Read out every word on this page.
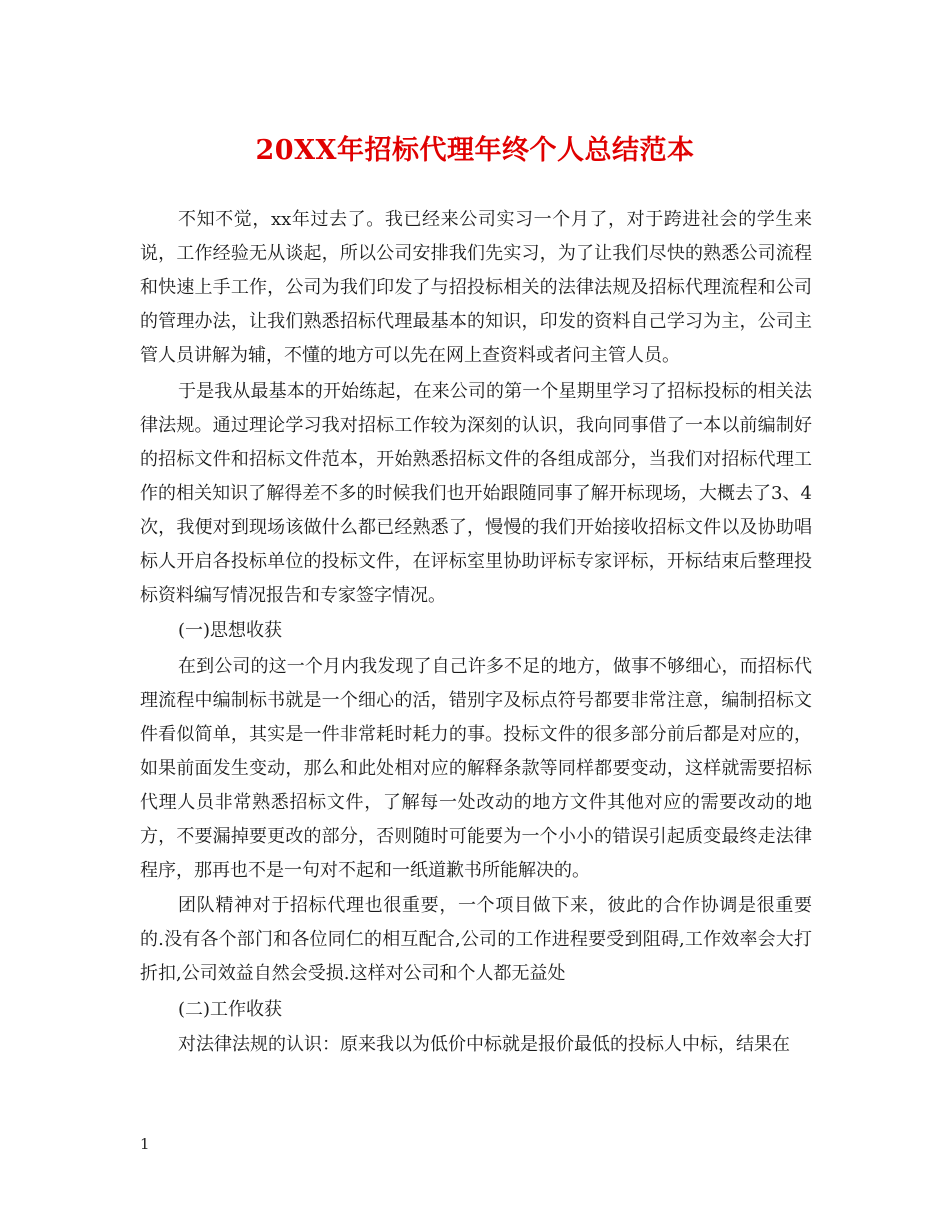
20XX年招标代理年终个人总结范本

不知不觉，xx年过去了。我已经来公司实习一个月了，对于跨进社会的学生来说，工作经验无从谈起，所以公司安排我们先实习，为了让我们尽快的熟悉公司流程和快速上手工作，公司为我们印发了与招投标相关的法律法规及招标代理流程和公司的管理办法，让我们熟悉招标代理最基本的知识，印发的资料自己学习为主，公司主管人员讲解为辅，不懂的地方可以先在网上查资料或者问主管人员。

于是我从最基本的开始练起，在来公司的第一个星期里学习了招标投标的相关法律法规。通过理论学习我对招标工作较为深刻的认识，我向同事借了一本以前编制好的招标文件和招标文件范本，开始熟悉招标文件的各组成部分，当我们对招标代理工作的相关知识了解得差不多的时候我们也开始跟随同事了解开标现场，大概去了3、4次，我便对到现场该做什么都已经熟悉了，慢慢的我们开始接收招标文件以及协助唱标人开启各投标单位的投标文件，在评标室里协助评标专家评标，开标结束后整理投标资料编写情况报告和专家签字情况。

(一)思想收获

在到公司的这一个月内我发现了自己许多不足的地方，做事不够细心，而招标代理流程中编制标书就是一个细心的活，错别字及标点符号都要非常注意，编制招标文件看似简单，其实是一件非常耗时耗力的事。投标文件的很多部分前后都是对应的，如果前面发生变动，那么和此处相对应的解释条款等同样都要变动，这样就需要招标代理人员非常熟悉招标文件，了解每一处改动的地方文件其他对应的需要改动的地方，不要漏掉要更改的部分，否则随时可能要为一个小小的错误引起质变最终走法律程序，那再也不是一句对不起和一纸道歉书所能解决的。

团队精神对于招标代理也很重要，一个项目做下来，彼此的合作协调是很重要的.没有各个部门和各位同仁的相互配合,公司的工作进程要受到阻碍,工作效率会大打折扣,公司效益自然会受损.这样对公司和个人都无益处

(二)工作收获

对法律法规的认识：原来我以为低价中标就是报价最低的投标人中标，结果在

1
